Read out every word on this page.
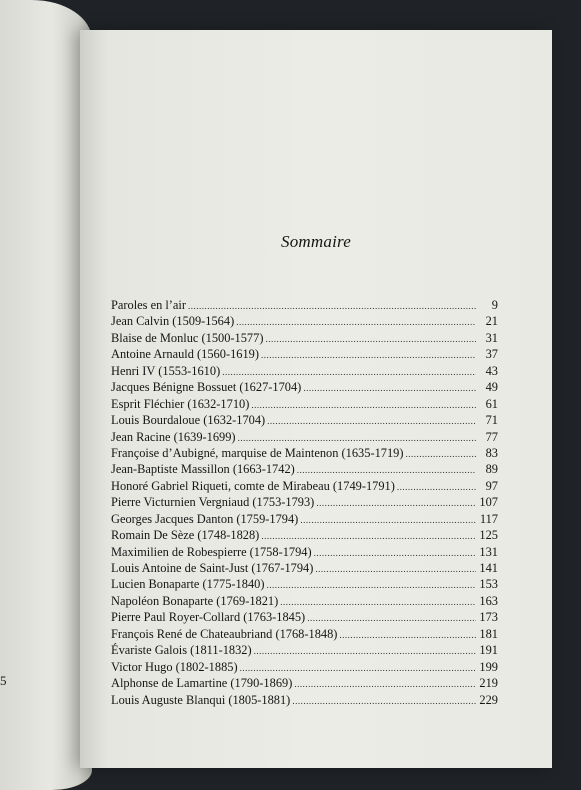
5
Sommaire
Paroles en l’air .....	9
Jean Calvin (1509-1564) .....	21
Blaise de Monluc (1500-1577) .....	31
Antoine Arnauld (1560-1619) .....	37
Henri IV (1553-1610) .....	43
Jacques Bénigne Bossuet (1627-1704) .....	49
Esprit Fléchier (1632-1710) .....	61
Louis Bourdaloue (1632-1704) .....	71
Jean Racine (1639-1699) .....	77
Françoise d’Aubigné, marquise de Maintenon (1635-1719) .....	83
Jean-Baptiste Massillon (1663-1742) .....	89
Honoré Gabriel Riqueti, comte de Mirabeau (1749-1791) .....	97
Pierre Victurnien Vergniaud (1753-1793) .....	107
Georges Jacques Danton (1759-1794) .....	117
Romain De Sèze (1748-1828) .....	125
Maximilien de Robespierre (1758-1794) .....	131
Louis Antoine de Saint-Just (1767-1794) .....	141
Lucien Bonaparte (1775-1840) .....	153
Napoléon Bonaparte (1769-1821) .....	163
Pierre Paul Royer-Collard (1763-1845) .....	173
François René de Chateaubriand (1768-1848) .....	181
Évariste Galois (1811-1832) .....	191
Victor Hugo (1802-1885) .....	199
Alphonse de Lamartine (1790-1869) .....	219
Louis Auguste Blanqui (1805-1881) .....	229
